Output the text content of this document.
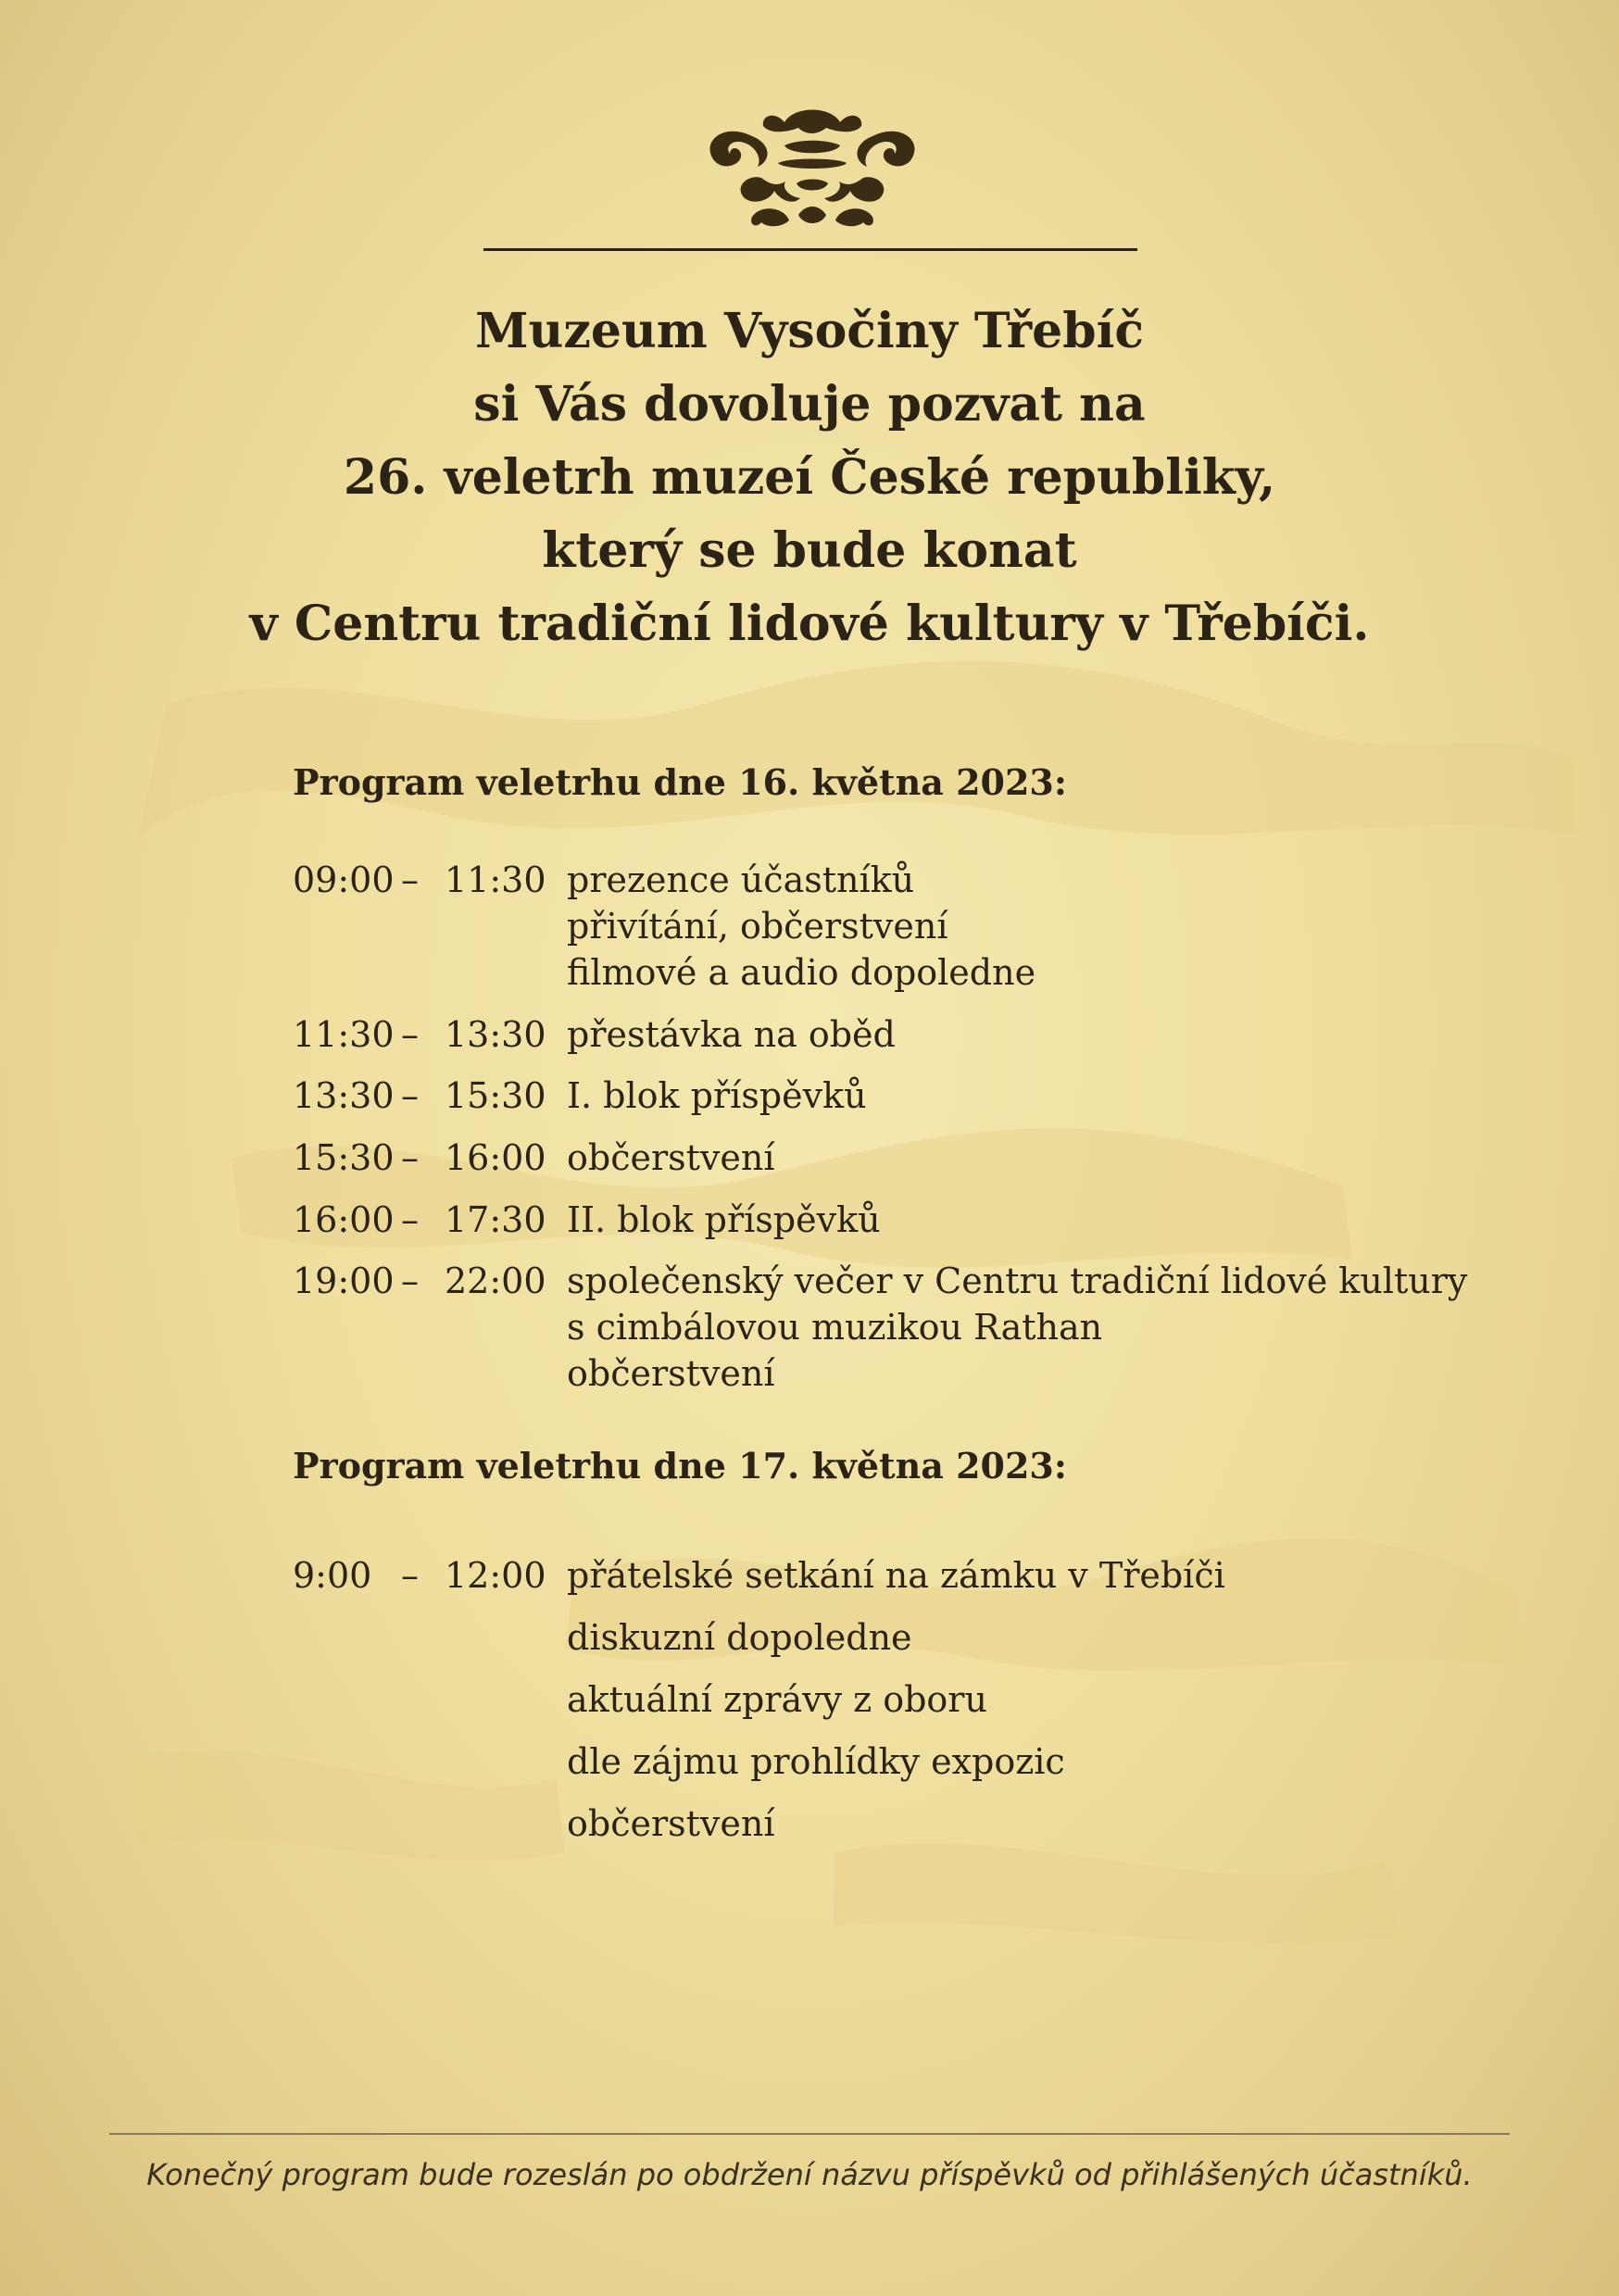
Muzeum Vysočiny Třebíč
si Vás dovoluje pozvat na
26. veletrh muzeí České republiky,
který se bude konat
v Centru tradiční lidové kultury v Třebíči.
Program veletrhu dne 16. května 2023:
09:00 – 11:30 prezence účastníků
přivítání, občerstvení
filmové a audio dopoledne
11:30 – 13:30 přestávka na oběd
13:30 – 15:30 I. blok příspěvků
15:30 – 16:00 občerstvení
16:00 – 17:30 II. blok příspěvků
19:00 – 22:00 společenský večer v Centru tradiční lidové kultury
s cimbálovou muzikou Rathan
občerstvení
Program veletrhu dne 17. května 2023:
9:00 – 12:00 přátelské setkání na zámku v Třebíči
diskuzní dopoledne
aktuální zprávy z oboru
dle zájmu prohlídky expozic
občerstvení
Konečný program bude rozeslán po obdržení názvu příspěvků od přihlášených účastníků.
